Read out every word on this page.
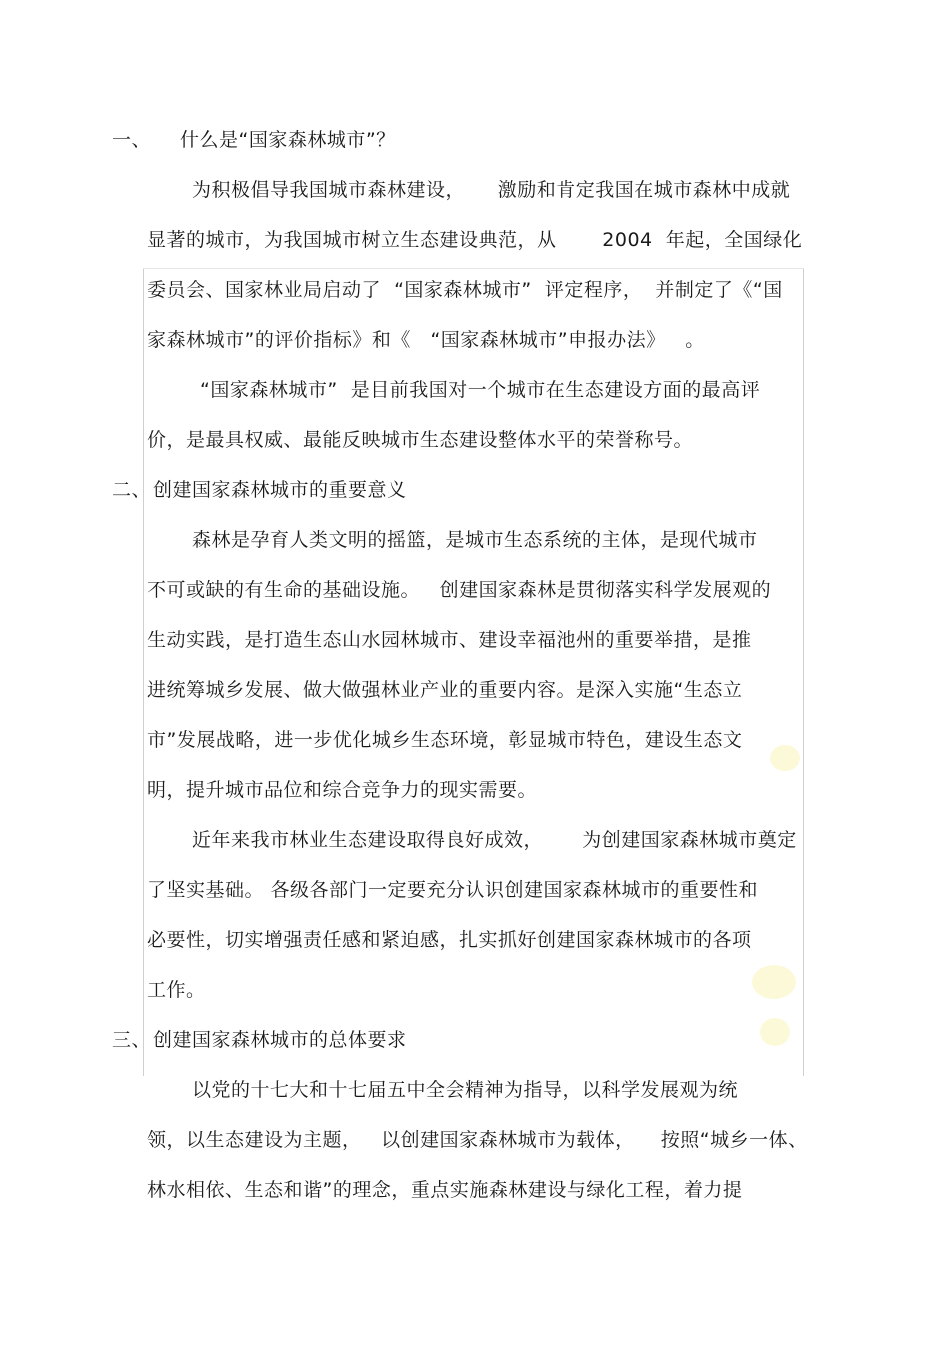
一、 什么是“国家森林城市”？
为积极倡导我国城市森林建设，     激励和肯定我国在城市森林中成就
显著的城市，为我国城市树立生态建设典范，从       2004  年起，全国绿化
委员会、国家林业局启动了  “国家森林城市”  评定程序，  并制定了《“国
家森林城市”的评价指标》和《   “国家森林城市”申报办法》   。
“国家森林城市”  是目前我国对一个城市在生态建设方面的最高评
价，是最具权威、最能反映城市生态建设整体水平的荣誉称号。
二、 创建国家森林城市的重要意义
森林是孕育人类文明的摇篮，是城市生态系统的主体，是现代城市
不可或缺的有生命的基础设施。   创建国家森林是贯彻落实科学发展观的
生动实践，是打造生态山水园林城市、建设幸福池州的重要举措，是推
进统筹城乡发展、做大做强林业产业的重要内容。是深入实施“生态立
市”发展战略，进一步优化城乡生态环境，彰显城市特色，建设生态文
明，提升城市品位和综合竞争力的现实需要。
近年来我市林业生态建设取得良好成效，      为创建国家森林城市奠定
了坚实基础。 各级各部门一定要充分认识创建国家森林城市的重要性和
必要性，切实增强责任感和紧迫感，扎实抓好创建国家森林城市的各项
工作。
三、 创建国家森林城市的总体要求
以党的十七大和十七届五中全会精神为指导，以科学发展观为统
领，以生态建设为主题，   以创建国家森林城市为载体，    按照“城乡一体、
林水相依、生态和谐”的理念，重点实施森林建设与绿化工程，着力提
